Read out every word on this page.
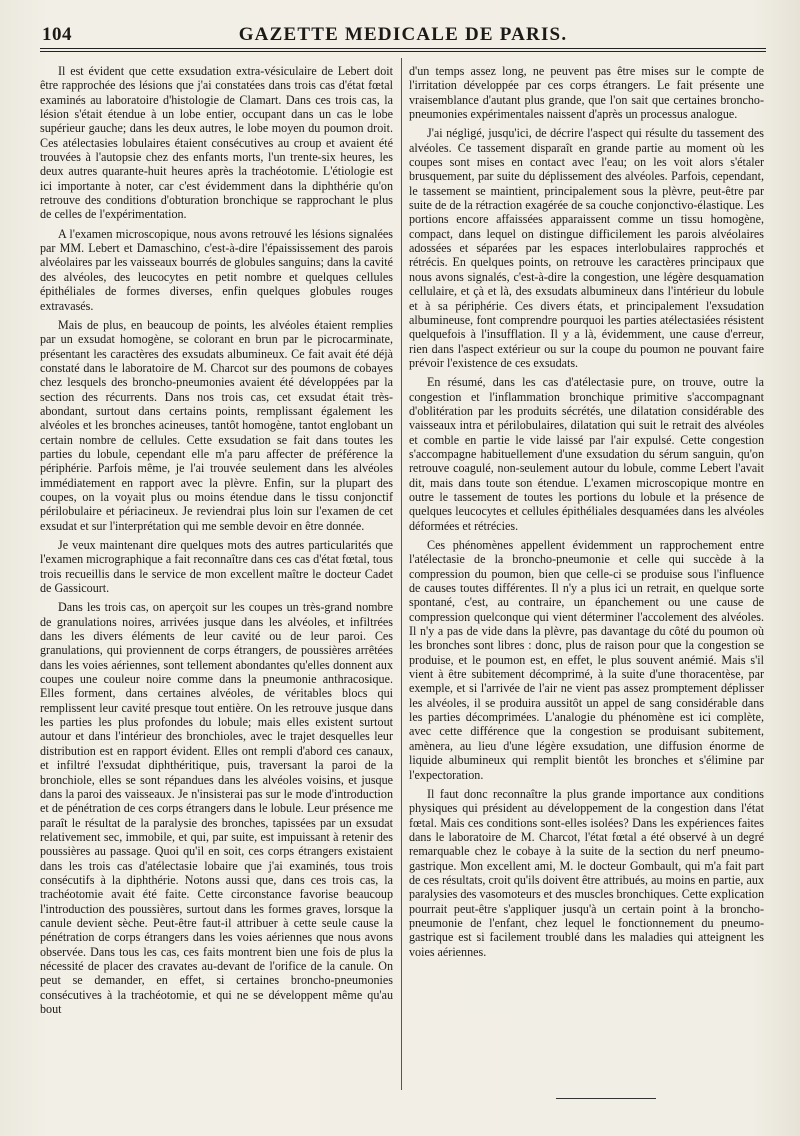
104	GAZETTE MEDICALE DE PARIS.

Il est évident que cette exsudation extra-vésiculaire de Lebert doit être rapprochée des lésions que j'ai constatées dans trois cas d'état fœtal examinés au laboratoire d'histologie de Clamart. Dans ces trois cas, la lésion s'était étendue à un lobe entier, occupant dans un cas le lobe supérieur gauche; dans les deux autres, le lobe moyen du poumon droit. Ces atélectasies lobulaires étaient consécutives au croup et avaient été trouvées à l'autopsie chez des enfants morts, l'un trente-six heures, les deux autres quarante-huit heures après la trachéotomie. L'étiologie est ici importante à noter, car c'est évidemment dans la diphthérie qu'on retrouve des conditions d'obturation bronchique se rapprochant le plus de celles de l'expérimentation.

A l'examen microscopique, nous avons retrouvé les lésions signalées par MM. Lebert et Damaschino, c'est-à-dire l'épaississement des parois alvéolaires par les vaisseaux bourrés de globules sanguins; dans la cavité des alvéoles, des leucocytes en petit nombre et quelques cellules épithéliales de formes diverses, enfin quelques globules rouges extravasés.

Mais de plus, en beaucoup de points, les alvéoles étaient remplies par un exsudat homogène, se colorant en brun par le picrocarminate, présentant les caractères des exsudats albumineux. Ce fait avait été déjà constaté dans le laboratoire de M. Charcot sur des poumons de cobayes chez lesquels des broncho-pneumonies avaient été développées par la section des récurrents. Dans nos trois cas, cet exsudat était très-abondant, surtout dans certains points, remplissant également les alvéoles et les bronches acineuses, tantôt homogène, tantot englobant un certain nombre de cellules. Cette exsudation se fait dans toutes les parties du lobule, cependant elle m'a paru affecter de préférence la périphérie. Parfois même, je l'ai trouvée seulement dans les alvéoles immédiatement en rapport avec la plèvre. Enfin, sur la plupart des coupes, on la voyait plus ou moins étendue dans le tissu conjonctif périlobulaire et périacineux. Je reviendrai plus loin sur l'examen de cet exsudat et sur l'interprétation qui me semble devoir en être donnée.

Je veux maintenant dire quelques mots des autres particularités que l'examen micrographique a fait reconnaître dans ces cas d'état fœtal, tous trois recueillis dans le service de mon excellent maître le docteur Cadet de Gassicourt.

Dans les trois cas, on aperçoit sur les coupes un très-grand nombre de granulations noires, arrivées jusque dans les alvéoles, et infiltrées dans les divers éléments de leur cavité ou de leur paroi. Ces granulations, qui proviennent de corps étrangers, de poussières arrêtées dans les voies aériennes, sont tellement abondantes qu'elles donnent aux coupes une couleur noire comme dans la pneumonie anthracosique. Elles forment, dans certaines alvéoles, de véritables blocs qui remplissent leur cavité presque tout entière. On les retrouve jusque dans les parties les plus profondes du lobule; mais elles existent surtout autour et dans l'intérieur des bronchioles, avec le trajet desquelles leur distribution est en rapport évident. Elles ont rempli d'abord ces canaux, et infiltré l'exsudat diphthéritique, puis, traversant la paroi de la bronchiole, elles se sont répandues dans les alvéoles voisins, et jusque dans la paroi des vaisseaux. Je n'insisterai pas sur le mode d'introduction et de pénétration de ces corps étrangers dans le lobule. Leur présence me paraît le résultat de la paralysie des bronches, tapissées par un exsudat relativement sec, immobile, et qui, par suite, est impuissant à retenir des poussières au passage. Quoi qu'il en soit, ces corps étrangers existaient dans les trois cas d'atélectasie lobaire que j'ai examinés, tous trois consécutifs à la diphthérie. Notons aussi que, dans ces trois cas, la trachéotomie avait été faite. Cette circonstance favorise beaucoup l'introduction des poussières, surtout dans les formes graves, lorsque la canule devient sèche. Peut-être faut-il attribuer à cette seule cause la pénétration de corps étrangers dans les voies aériennes que nous avons observée. Dans tous les cas, ces faits montrent bien une fois de plus la nécessité de placer des cravates au-devant de l'orifice de la canule. On peut se demander, en effet, si certaines broncho-pneumonies consécutives à la trachéotomie, et qui ne se développent même qu'au bout

d'un temps assez long, ne peuvent pas être mises sur le compte de l'irritation développée par ces corps étrangers. Le fait présente une vraisemblance d'autant plus grande, que l'on sait que certaines broncho-pneumonies expérimentales naissent d'après un processus analogue.

J'ai négligé, jusqu'ici, de décrire l'aspect qui résulte du tassement des alvéoles. Ce tassement disparaît en grande partie au moment où les coupes sont mises en contact avec l'eau; on les voit alors s'étaler brusquement, par suite du déplissement des alvéoles. Parfois, cependant, le tassement se maintient, principalement sous la plèvre, peut-être par suite de de la rétraction exagérée de sa couche conjonctivo-élastique. Les portions encore affaissées apparaissent comme un tissu homogène, compact, dans lequel on distingue difficilement les parois alvéolaires adossées et séparées par les espaces interlobulaires rapprochés et rétrécis. En quelques points, on retrouve les caractères principaux que nous avons signalés, c'est-à-dire la congestion, une légère desquamation cellulaire, et çà et là, des exsudats albumineux dans l'intérieur du lobule et à sa périphérie. Ces divers états, et principalement l'exsudation albumineuse, font comprendre pourquoi les parties atélectasiées résistent quelquefois à l'insufflation. Il y a là, évidemment, une cause d'erreur, rien dans l'aspect extérieur ou sur la coupe du poumon ne pouvant faire prévoir l'existence de ces exsudats.

En résumé, dans les cas d'atélectasie pure, on trouve, outre la congestion et l'inflammation bronchique primitive s'accompagnant d'oblitération par les produits sécrétés, une dilatation considérable des vaisseaux intra et périlobulaires, dilatation qui suit le retrait des alvéoles et comble en partie le vide laissé par l'air expulsé. Cette congestion s'accompagne habituellement d'une exsudation du sérum sanguin, qu'on retrouve coagulé, non-seulement autour du lobule, comme Lebert l'avait dit, mais dans toute son étendue. L'examen microscopique montre en outre le tassement de toutes les portions du lobule et la présence de quelques leucocytes et cellules épithéliales desquamées dans les alvéoles déformées et rétrécies.

Ces phénomènes appellent évidemment un rapprochement entre l'atélectasie de la broncho-pneumonie et celle qui succède à la compression du poumon, bien que celle-ci se produise sous l'influence de causes toutes différentes. Il n'y a plus ici un retrait, en quelque sorte spontané, c'est, au contraire, un épanchement ou une cause de compression quelconque qui vient déterminer l'accolement des alvéoles. Il n'y a pas de vide dans la plèvre, pas davantage du côté du poumon où les bronches sont libres : donc, plus de raison pour que la congestion se produise, et le poumon est, en effet, le plus souvent anémié. Mais s'il vient à être subitement décomprimé, à la suite d'une thoracentèse, par exemple, et si l'arrivée de l'air ne vient pas assez promptement déplisser les alvéoles, il se produira aussitôt un appel de sang considérable dans les parties décomprimées. L'analogie du phénomène est ici complète, avec cette différence que la congestion se produisant subitement, amènera, au lieu d'une légère exsudation, une diffusion énorme de liquide albumineux qui remplit bientôt les bronches et s'élimine par l'expectoration.

Il faut donc reconnaître la plus grande importance aux conditions physiques qui président au développement de la congestion dans l'état fœtal. Mais ces conditions sont-elles isolées? Dans les expériences faites dans le laboratoire de M. Charcot, l'état fœtal a été observé à un degré remarquable chez le cobaye à la suite de la section du nerf pneumo-gastrique. Mon excellent ami, M. le docteur Gombault, qui m'a fait part de ces résultats, croit qu'ils doivent être attribués, au moins en partie, aux paralysies des vasomoteurs et des muscles bronchiques. Cette explication pourrait peut-être s'appliquer jusqu'à un certain point à la broncho-pneumonie de l'enfant, chez lequel le fonctionnement du pneumo-gastrique est si facilement troublé dans les maladies qui atteignent les voies aériennes.
